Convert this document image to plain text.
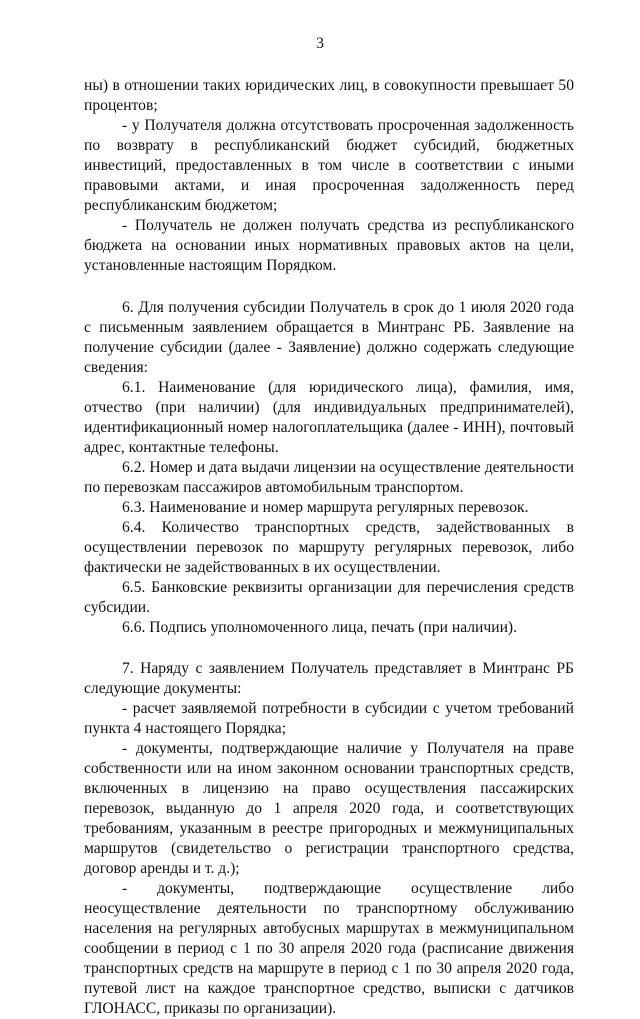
3

ны) в отношении таких юридических лиц, в совокупности превышает 50 процентов;

- у Получателя должна отсутствовать просроченная задолженность по возврату в республиканский бюджет субсидий, бюджетных инвестиций, предоставленных в том числе в соответствии с иными правовыми актами, и иная просроченная задолженность перед республиканским бюджетом;

- Получатель не должен получать средства из республиканского бюджета на основании иных нормативных правовых актов на цели, установленные настоящим Порядком.

6. Для получения субсидии Получатель в срок до 1 июля 2020 года с письменным заявлением обращается в Минтранс РБ. Заявление на получение субсидии (далее - Заявление) должно содержать следующие сведения:

6.1. Наименование (для юридического лица), фамилия, имя, отчество (при наличии) (для индивидуальных предпринимателей), идентификационный номер налогоплательщика (далее - ИНН), почтовый адрес, контактные телефоны.

6.2. Номер и дата выдачи лицензии на осуществление деятельности по перевозкам пассажиров автомобильным транспортом.

6.3. Наименование и номер маршрута регулярных перевозок.

6.4. Количество транспортных средств, задействованных в осуществлении перевозок по маршруту регулярных перевозок, либо фактически не задействованных в их осуществлении.

6.5. Банковские реквизиты организации для перечисления средств субсидии.

6.6. Подпись уполномоченного лица, печать (при наличии).

7. Наряду с заявлением Получатель представляет в Минтранс РБ следующие документы:

- расчет заявляемой потребности в субсидии с учетом требований пункта 4 настоящего Порядка;

- документы, подтверждающие наличие у Получателя на праве собственности или на ином законном основании транспортных средств, включенных в лицензию на право осуществления пассажирских перевозок, выданную до 1 апреля 2020 года, и соответствующих требованиям, указанным в реестре пригородных и межмуниципальных маршрутов (свидетельство о регистрации транспортного средства, договор аренды и т. д.);

- документы, подтверждающие осуществление либо неосуществление деятельности по транспортному обслуживанию населения на регулярных автобусных маршрутах в межмуниципальном сообщении в период с 1 по 30 апреля 2020 года (расписание движения транспортных средств на маршруте в период с 1 по 30 апреля 2020 года, путевой лист на каждое транспортное средство, выписки с датчиков ГЛОНАСС, приказы по организации).
